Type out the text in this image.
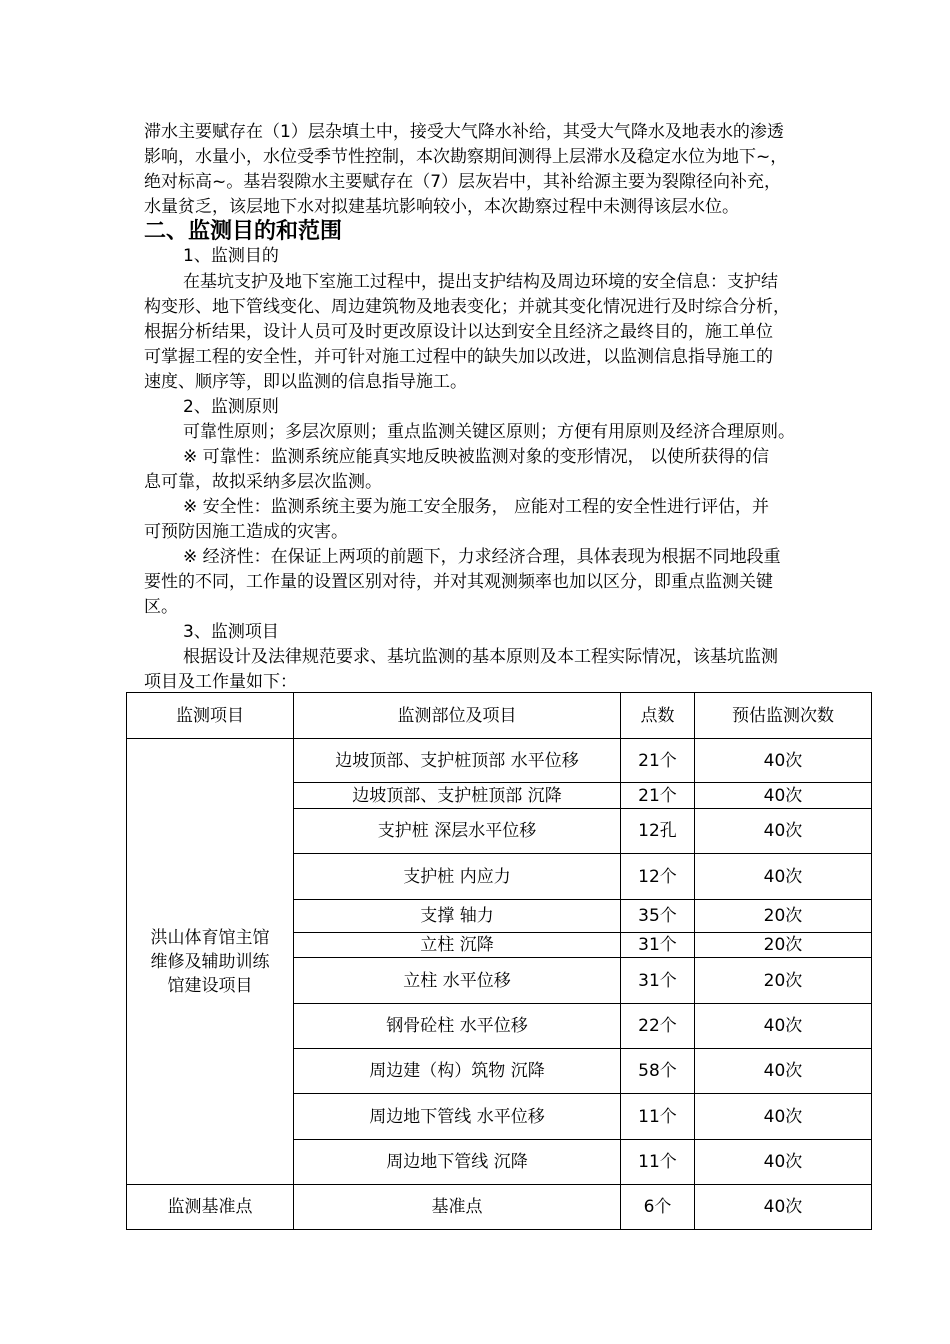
滞水主要赋存在（1）层杂填土中，接受大气降水补给，其受大气降水及地表水的渗透
影响，水量小，水位受季节性控制，本次勘察期间测得上层滞水及稳定水位为地下~，
绝对标高~。基岩裂隙水主要赋存在（7）层灰岩中，其补给源主要为裂隙径向补充，
水量贫乏，该层地下水对拟建基坑影响较小，本次勘察过程中未测得该层水位。
二、监测目的和范围
1、监测目的
在基坑支护及地下室施工过程中，提出支护结构及周边环境的安全信息：支护结
构变形、地下管线变化、周边建筑物及地表变化；并就其变化情况进行及时综合分析，
根据分析结果，设计人员可及时更改原设计以达到安全且经济之最终目的，施工单位
可掌握工程的安全性，并可针对施工过程中的缺失加以改进，以监测信息指导施工的
速度、顺序等，即以监测的信息指导施工。
2、监测原则
可靠性原则；多层次原则；重点监测关键区原则；方便有用原则及经济合理原则。
※ 可靠性：监测系统应能真实地反映被监测对象的变形情况， 以使所获得的信
息可靠，故拟采纳多层次监测。
※ 安全性：监测系统主要为施工安全服务， 应能对工程的安全性进行评估，并
可预防因施工造成的灾害。
※ 经济性：在保证上两项的前题下，力求经济合理，具体表现为根据不同地段重
要性的不同，工作量的设置区别对待，并对其观测频率也加以区分，即重点监测关键
区。
3、监测项目
根据设计及法律规范要求、基坑监测的基本原则及本工程实际情况，该基坑监测
项目及工作量如下：
监测项目	监测部位及项目	点数	预估监测次数

洪山体育馆主馆
维修及辅助训练
馆建设项目	边坡顶部、支护桩顶部 水平位移	21个	40次
	边坡顶部、支护桩顶部 沉降	21个	40次
	支护桩 深层水平位移	12孔	40次
	支护桩 内应力	12个	40次
	支撑 轴力	35个	20次
	立柱 沉降	31个	20次
	立柱 水平位移	31个	20次
	钢骨砼柱 水平位移	22个	40次
	周边建（构）筑物 沉降	58个	40次
	周边地下管线 水平位移	11个	40次
	周边地下管线 沉降	11个	40次
监测基准点	基准点	6个	40次
